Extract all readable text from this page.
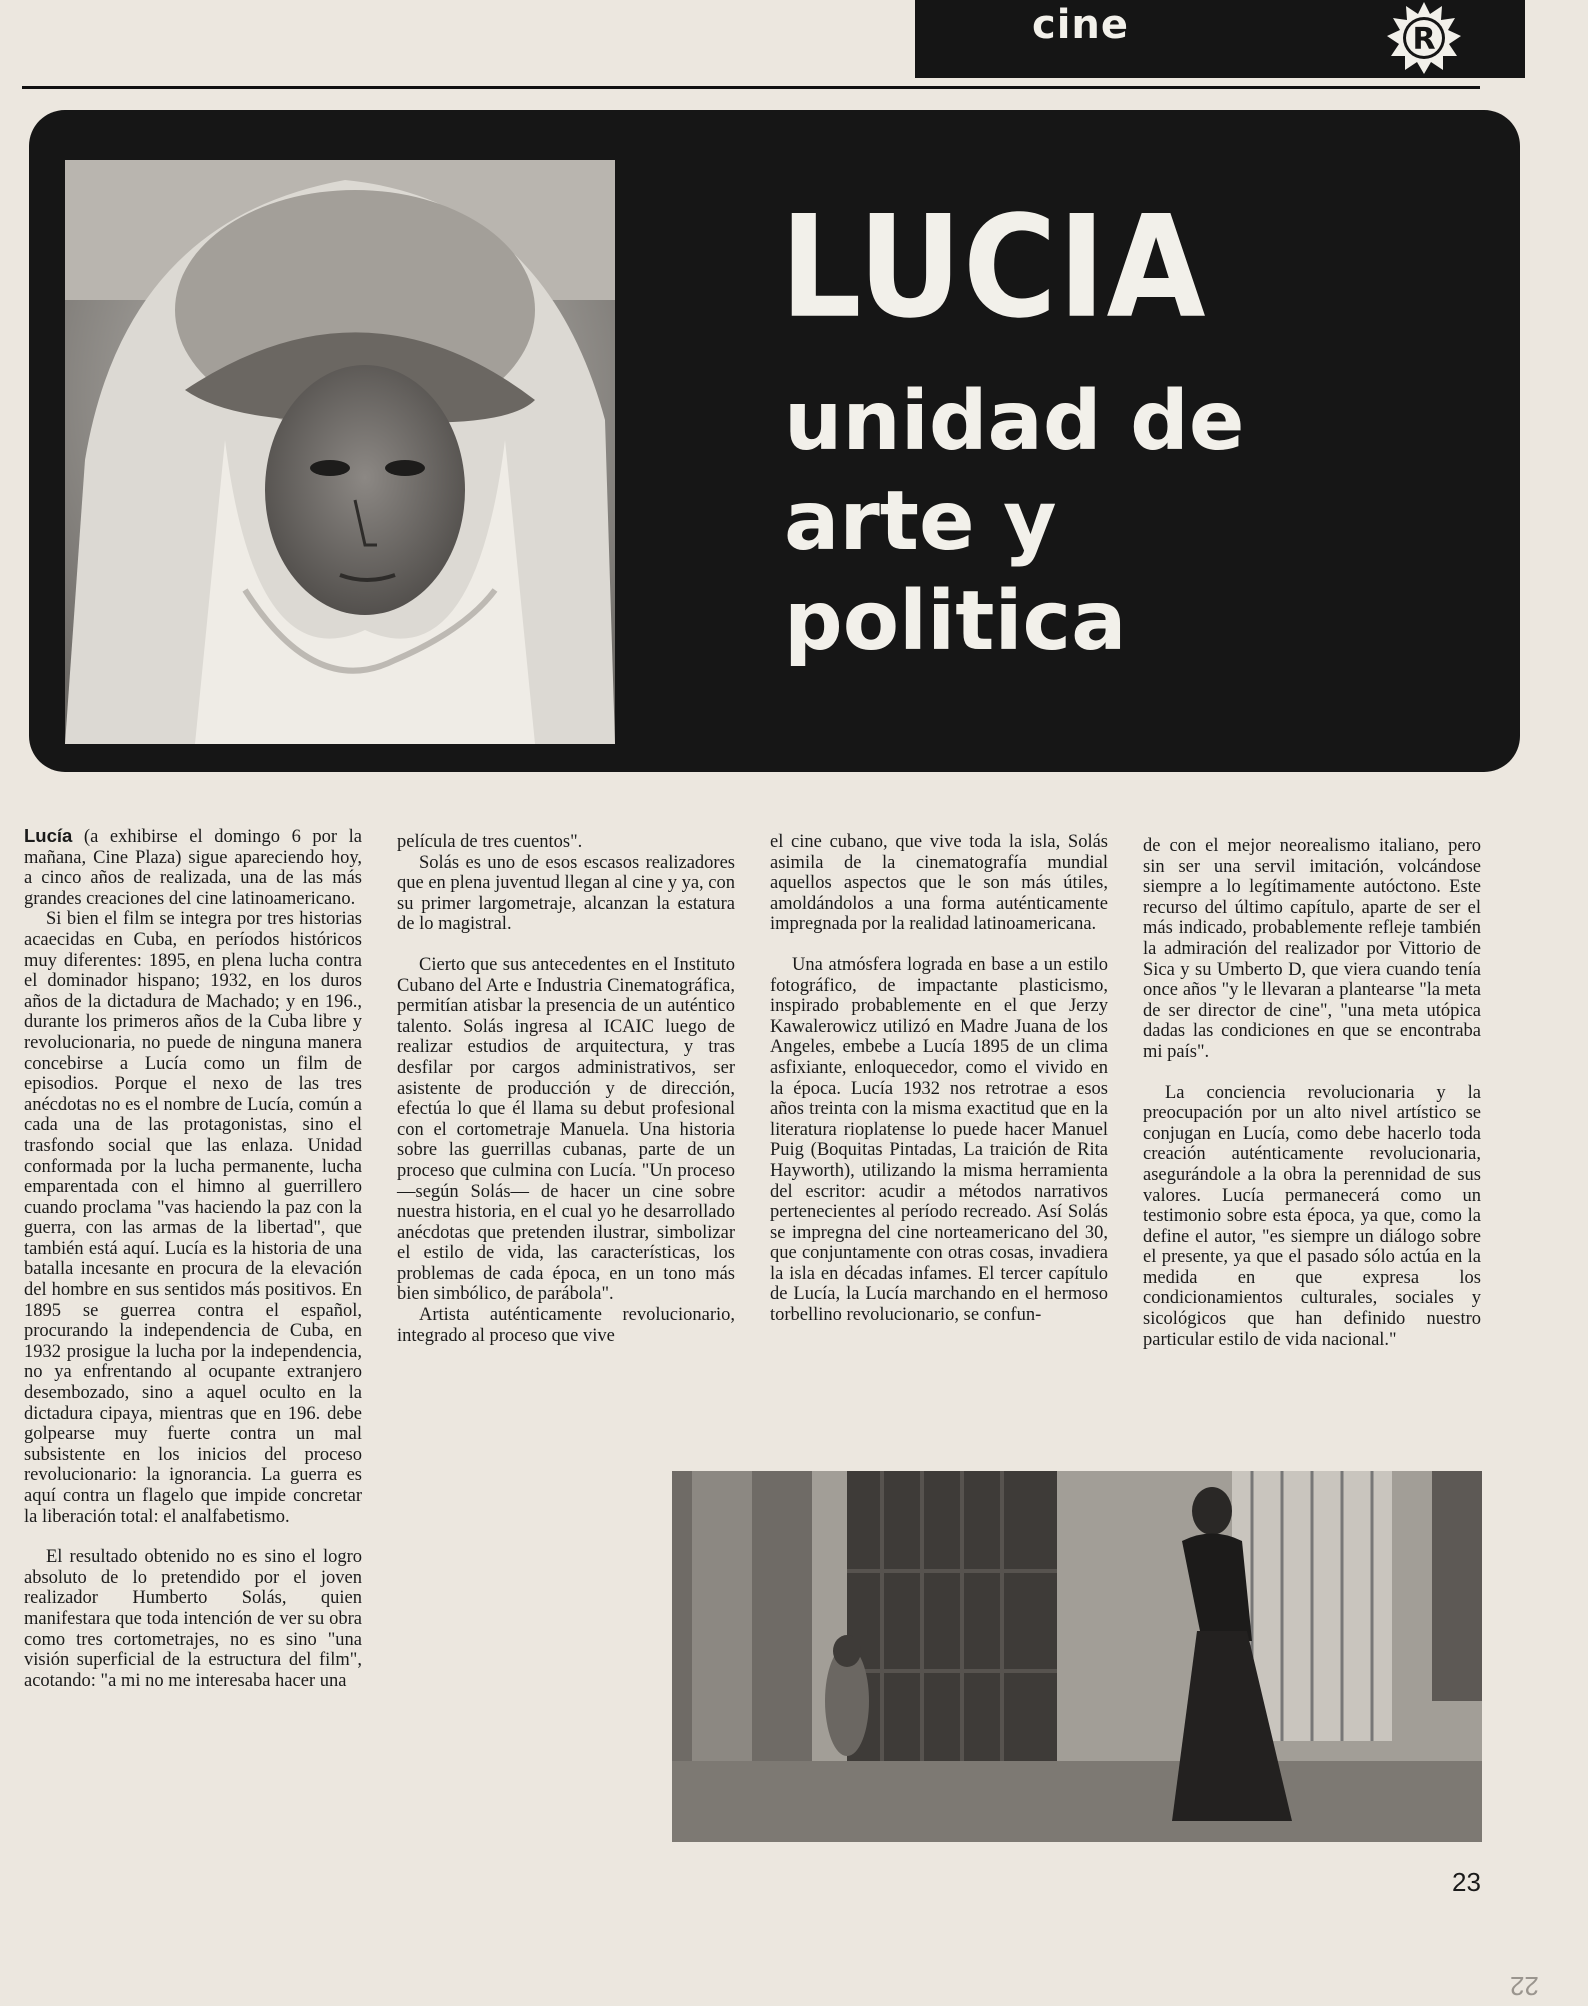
cine	R
LUCIA
unidad de
arte y
politica

Lucía (a exhibirse el domingo 6 por la mañana, Cine Plaza) sigue apareciendo hoy, a cinco años de realizada, una de las más grandes creaciones del cine latinoamericano.

Si bien el film se integra por tres historias acaecidas en Cuba, en períodos históricos muy diferentes: 1895, en plena lucha contra el dominador hispano; 1932, en los duros años de la dictadura de Machado; y en 196., durante los primeros años de la Cuba libre y revolucionaria, no puede de ninguna manera concebirse a Lucía como un film de episodios. Porque el nexo de las tres anécdotas no es el nombre de Lucía, común a cada una de las protagonistas, sino el trasfondo social que las enlaza. Unidad conformada por la lucha permanente, lucha emparentada con el himno al guerrillero cuando proclama "vas haciendo la paz con la guerra, con las armas de la libertad", que también está aquí. Lucía es la historia de una batalla incesante en procura de la elevación del hombre en sus sentidos más positivos. En 1895 se guerrea contra el español, procurando la independencia de Cuba, en 1932 prosigue la lucha por la independencia, no ya enfrentando al ocupante extranjero desembozado, sino a aquel oculto en la dictadura cipaya, mientras que en 196. debe golpearse muy fuerte contra un mal subsistente en los inicios del proceso revolucionario: la ignorancia. La guerra es aquí contra un flagelo que impide concretar la liberación total: el analfabetismo.

El resultado obtenido no es sino el logro absoluto de lo pretendido por el joven realizador Humberto Solás, quien manifestara que toda intención de ver su obra como tres cortometrajes, no es sino "una visión superficial de la estructura del film", acotando: "a mi no me interesaba hacer una

película de tres cuentos".

Solás es uno de esos escasos realizadores que en plena juventud llegan al cine y ya, con su primer largometraje, alcanzan la estatura de lo magistral.

Cierto que sus antecedentes en el Instituto Cubano del Arte e Industria Cinematográfica, permitían atisbar la presencia de un auténtico talento. Solás ingresa al ICAIC luego de realizar estudios de arquitectura, y tras desfilar por cargos administrativos, ser asistente de producción y de dirección, efectúa lo que él llama su debut profesional con el cortometraje Manuela. Una historia sobre las guerrillas cubanas, parte de un proceso que culmina con Lucía. "Un proceso —según Solás— de hacer un cine sobre nuestra historia, en el cual yo he desarrollado anécdotas que pretenden ilustrar, simbolizar el estilo de vida, las características, los problemas de cada época, en un tono más bien simbólico, de parábola".

Artista auténticamente revolucionario, integrado al proceso que vive

el cine cubano, que vive toda la isla, Solás asimila de la cinematografía mundial aquellos aspectos que le son más útiles, amoldándolos a una forma auténticamente impregnada por la realidad latinoamericana.

Una atmósfera lograda en base a un estilo fotográfico, de impactante plasticismo, inspirado probablemente en el que Jerzy Kawalerowicz utilizó en Madre Juana de los Angeles, embebe a Lucía 1895 de un clima asfixiante, enloquecedor, como el vivido en la época. Lucía 1932 nos retrotrae a esos años treinta con la misma exactitud que en la literatura rioplatense lo puede hacer Manuel Puig (Boquitas Pintadas, La traición de Rita Hayworth), utilizando la misma herramienta del escritor: acudir a métodos narrativos pertenecientes al período recreado. Así Solás se impregna del cine norteamericano del 30, que conjuntamente con otras cosas, invadiera la isla en décadas infames. El tercer capítulo de Lucía, la Lucía marchando en el hermoso torbellino revolucionario, se confun-

de con el mejor neorealismo italiano, pero sin ser una servil imitación, volcándose siempre a lo legítimamente autóctono. Este recurso del último capítulo, aparte de ser el más indicado, probablemente refleje también la admiración del realizador por Vittorio de Sica y su Umberto D, que viera cuando tenía once años "y le llevaran a plantearse "la meta de ser director de cine", "una meta utópica dadas las condiciones en que se encontraba mi país".

La conciencia revolucionaria y la preocupación por un alto nivel artístico se conjugan en Lucía, como debe hacerlo toda creación auténticamente revolucionaria, asegurándole a la obra la perennidad de sus valores. Lucía permanecerá como un testimonio sobre esta época, ya que, como la define el autor, "es siempre un diálogo sobre el presente, ya que el pasado sólo actúa en la medida en que expresa los condicionamientos culturales, sociales y sicológicos que han definido nuestro particular estilo de vida nacional."

23
22
